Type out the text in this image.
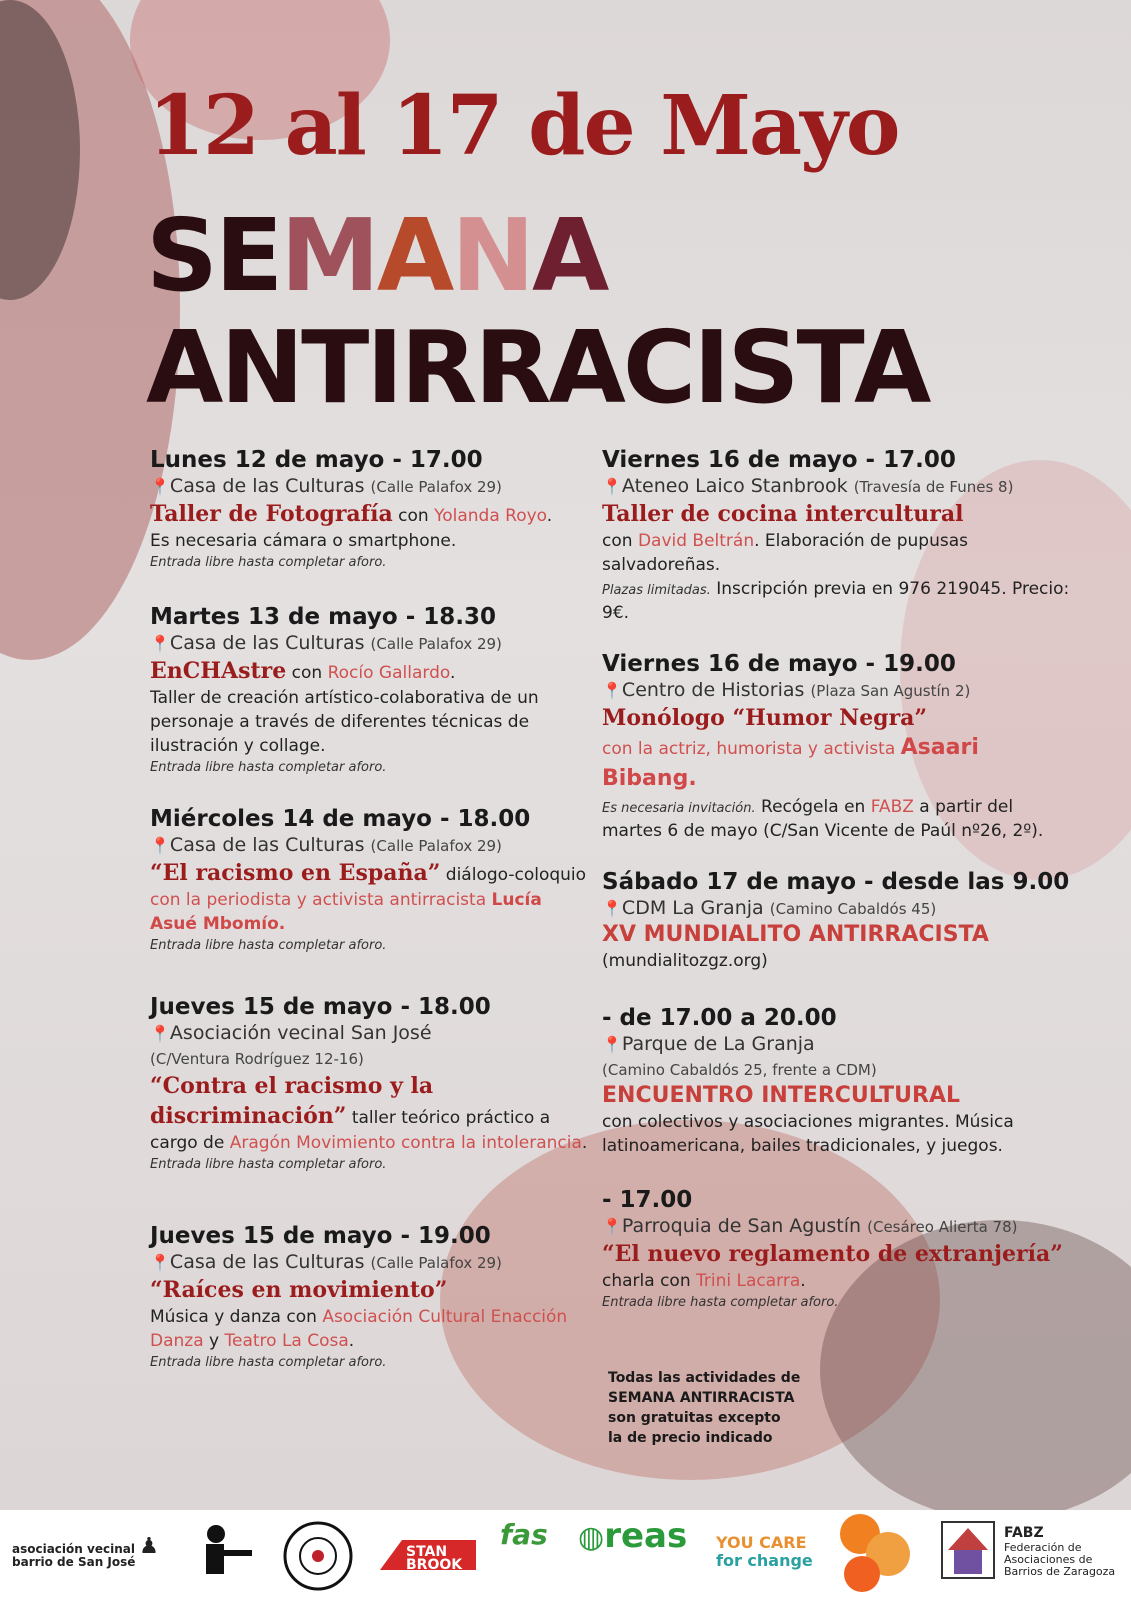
12 al 17 de Mayo
SEMANA
ANTIRRACISTA
Lunes 12 de mayo - 17.00
📍Casa de las Culturas (Calle Palafox 29)
Taller de Fotografía con Yolanda Royo.
Es necesaria cámara o smartphone.
Entrada libre hasta completar aforo.
Martes 13 de mayo - 18.30
📍Casa de las Culturas (Calle Palafox 29)
EnCHAstre con Rocío Gallardo.
Taller de creación artístico-colaborativa de un personaje a través de diferentes técnicas de ilustración y collage.
Entrada libre hasta completar aforo.
Miércoles 14 de mayo - 18.00
📍Casa de las Culturas (Calle Palafox 29)
“El racismo en España” diálogo-coloquio con la periodista y activista antirracista Lucía Asué Mbomío.
Entrada libre hasta completar aforo.
Jueves 15 de mayo - 18.00
📍Asociación vecinal San José
(C/Ventura Rodríguez 12-16)
“Contra el racismo y la discriminación” taller teórico práctico a cargo de Aragón Movimiento contra la intolerancia.
Entrada libre hasta completar aforo.
Jueves 15 de mayo - 19.00
📍Casa de las Culturas (Calle Palafox 29)
“Raíces en movimiento”
Música y danza con Asociación Cultural Enacción Danza y Teatro La Cosa.
Entrada libre hasta completar aforo.
Viernes 16 de mayo - 17.00
📍Ateneo Laico Stanbrook (Travesía de Funes 8)
Taller de cocina intercultural
con David Beltrán. Elaboración de pupusas salvadoreñas.
Plazas limitadas. Inscripción previa en 976 219045. Precio: 9€.
Viernes 16 de mayo - 19.00
📍Centro de Historias (Plaza San Agustín 2)
Monólogo “Humor Negra”
con la actriz, humorista y activista Asaari Bibang.
Es necesaria invitación. Recógela en FABZ a partir del martes 6 de mayo (C/San Vicente de Paúl nº26, 2º).
Sábado 17 de mayo - desde las 9.00
📍CDM La Granja (Camino Cabaldós 45)
XV MUNDIALITO ANTIRRACISTA
(mundialitozgz.org)
- de 17.00 a 20.00
📍Parque de La Granja
(Camino Cabaldós 25, frente a CDM)
ENCUENTRO INTERCULTURAL
con colectivos y asociaciones migrantes. Música latinoamericana, bailes tradicionales, y juegos.
- 17.00
📍Parroquia de San Agustín (Cesáreo Alierta 78)
“El nuevo reglamento de extranjería”
charla con Trini Lacarra.
Entrada libre hasta completar aforo.
Todas las actividades de
SEMANA ANTIRRACISTA
son gratuitas excepto
la de precio indicado
asociación vecinal ♟ barrio de San José
STAN BROOK
fas ◍reas YOU CARE
for change
FABZ
Federación de Asociaciones de Barrios de Zaragoza
